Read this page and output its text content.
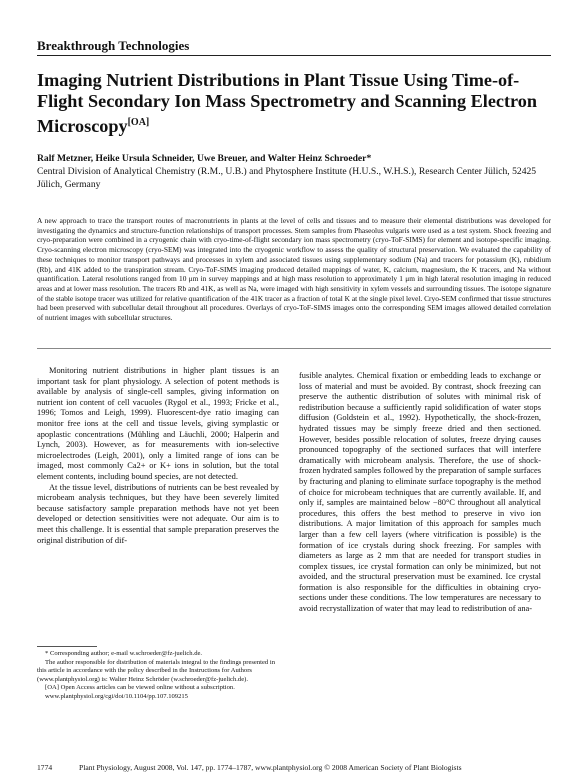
Breakthrough Technologies
Imaging Nutrient Distributions in Plant Tissue Using Time-of-Flight Secondary Ion Mass Spectrometry and Scanning Electron Microscopy[OA]
Ralf Metzner, Heike Ursula Schneider, Uwe Breuer, and Walter Heinz Schroeder*
Central Division of Analytical Chemistry (R.M., U.B.) and Phytosphere Institute (H.U.S., W.H.S.), Research Center Jülich, 52425 Jülich, Germany
A new approach to trace the transport routes of macronutrients in plants at the level of cells and tissues and to measure their elemental distributions was developed for investigating the dynamics and structure-function relationships of transport processes. Stem samples from Phaseolus vulgaris were used as a test system. Shock freezing and cryo-preparation were combined in a cryogenic chain with cryo-time-of-flight secondary ion mass spectrometry (cryo-ToF-SIMS) for element and isotope-specific imaging. Cryo-scanning electron microscopy (cryo-SEM) was integrated into the cryogenic workflow to assess the quality of structural preservation. We evaluated the capability of these techniques to monitor transport pathways and processes in xylem and associated tissues using supplementary sodium (Na) and tracers for potassium (K), rubidium (Rb), and 41K added to the transpiration stream. Cryo-ToF-SIMS imaging produced detailed mappings of water, K, calcium, magnesium, the K tracers, and Na without quantification. Lateral resolutions ranged from 10 μm in survey mappings and at high mass resolution to approximately 1 μm in high lateral resolution imaging in reduced areas and at lower mass resolution. The tracers Rb and 41K, as well as Na, were imaged with high sensitivity in xylem vessels and surrounding tissues. The isotope signature of the stable isotope tracer was utilized for relative quantification of the 41K tracer as a fraction of total K at the single pixel level. Cryo-SEM confirmed that tissue structures had been preserved with subcellular detail throughout all procedures. Overlays of cryo-ToF-SIMS images onto the corresponding SEM images allowed detailed correlation of nutrient images with subcellular structures.

Monitoring nutrient distributions in higher plant tissues is an important task for plant physiology. A selection of potent methods is available by analysis of single-cell samples, giving information on nutrient ion content of cell vacuoles (Rygol et al., 1993; Fricke et al., 1996; Tomos and Leigh, 1999). Fluorescent-dye ratio imaging can monitor free ions at the cell and tissue levels, giving symplastic or apoplastic concentrations (Mühling and Läuchli, 2000; Halperin and Lynch, 2003). However, as for measurements with ion-selective microelectrodes (Leigh, 2001), only a limited range of ions can be imaged, most commonly Ca2+ or K+ ions in solution, but the total element contents, including bound species, are not detected.

At the tissue level, distributions of nutrients can be best revealed by microbeam analysis techniques, but they have been severely limited because satisfactory sample preparation methods have not yet been developed or detection sensitivities were not adequate. Our aim is to meet this challenge. It is essential that sample preparation preserves the original distribution of dif-

fusible analytes. Chemical fixation or embedding leads to exchange or loss of material and must be avoided. By contrast, shock freezing can preserve the authentic distribution of solutes with minimal risk of redistribution because a sufficiently rapid solidification of water stops diffusion (Goldstein et al., 1992). Hypothetically, the shock-frozen, hydrated tissues may be simply freeze dried and then sectioned. However, besides possible relocation of solutes, freeze drying causes pronounced topography of the sectioned surfaces that will interfere dramatically with microbeam analysis. Therefore, the use of shock-frozen hydrated samples followed by the preparation of sample surfaces by fracturing and planing to eliminate surface topography is the method of choice for microbeam techniques that are currently available. If, and only if, samples are maintained below −80°C throughout all analytical procedures, this offers the best method to preserve in vivo ion distributions. A major limitation of this approach for samples much larger than a few cell layers (where vitrification is possible) is the formation of ice crystals during shock freezing. For samples with diameters as large as 2 mm that are needed for transport studies in complex tissues, ice crystal formation can only be minimized, but not avoided, and the structural preservation must be examined. Ice crystal formation is also responsible for the difficulties in obtaining cryo-sections under these conditions. The low temperatures are necessary to avoid recrystallization of water that may lead to redistribution of ana-

* Corresponding author; e-mail w.schroeder@fz-juelich.de.

The author responsible for distribution of materials integral to the findings presented in this article in accordance with the policy described in the Instructions for Authors (www.plantphysiol.org) is: Walter Heinz Schröder (w.schroeder@fz-juelich.de).

[OA] Open Access articles can be viewed online without a subscription.

www.plantphysiol.org/cgi/doi/10.1104/pp.107.109215

1774	Plant Physiology, August 2008, Vol. 147, pp. 1774–1787, www.plantphysiol.org © 2008 American Society of Plant Biologists
